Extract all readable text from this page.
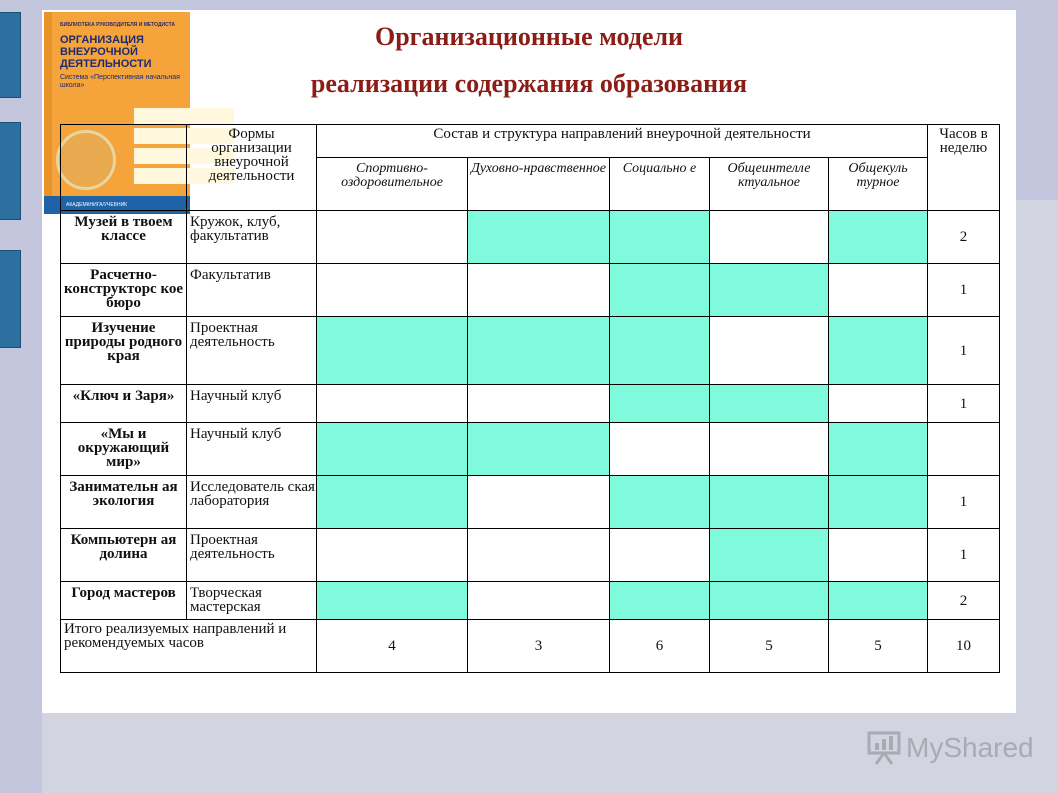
Организационные модели
реализации содержания образования
БИБЛИОТЕКА РУКОВОДИТЕЛЯ И МЕТОДИСТА
ОРГАНИЗАЦИЯ ВНЕУРОЧНОЙ ДЕЯТЕЛЬНОСТИ
Система «Перспективная начальная школа»
АКАДЕМКНИГА/УЧЕБНИК
	Формы организации внеурочной деятельности	Состав и структура направлений внеурочной деятельности					Часов в неделю
		Спортивно-оздоровительное	Духовно-нравственное	Социально е	Общеинтелле ктуальное	Общекуль турное	
Музей в твоем классе	Кружок, клуб, факультатив						2
Расчетно-конструкторс кое бюро	Факультатив						1
Изучение природы родного края	Проектная деятельность						1
«Ключ и Заря»	Научный клуб						1
«Мы и окружающий мир»	Научный клуб						
Занимательн ая экология	Исследователь ская лаборатория						1
Компьютерн ая долина	Проектная деятельность						1
Город мастеров	Творческая мастерская						2
Итого реализуемых направлений и рекомендуемых часов		4	3	6	5	5	10
MyShared
